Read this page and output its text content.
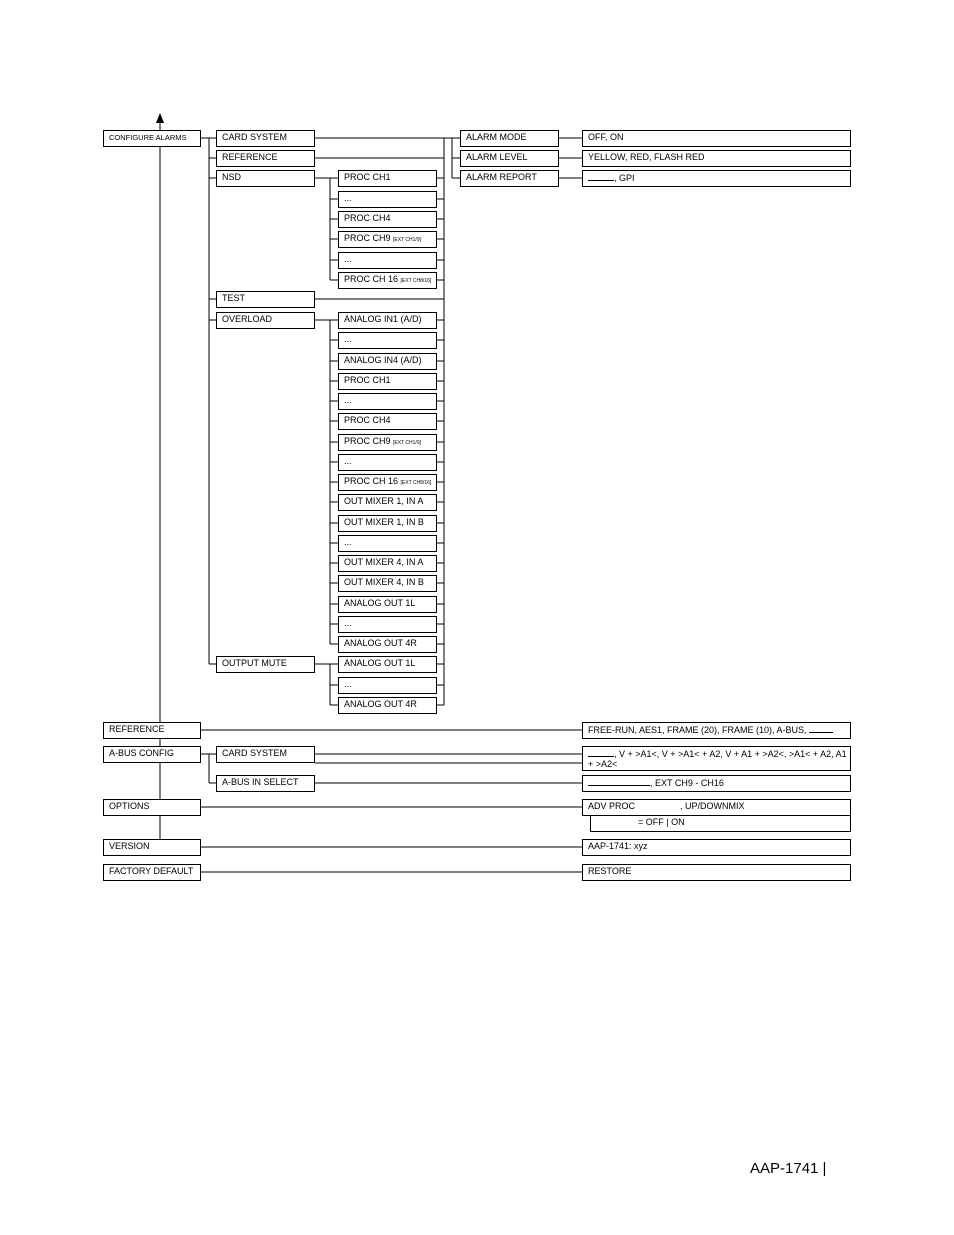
CONFIGURE ALARMS	CARD SYSTEM
REFERENCE
NSD
TEST
OVERLOAD
OUTPUT MUTE
PROC CH1
...
PROC CH4
PROC CH9 [EXT CH1/9]
...
PROC CH 16 [EXT CH8/16]
ANALOG IN1 (A/D)
...
ANALOG IN4 (A/D)
PROC CH1
...
PROC CH4
PROC CH9 [EXT CH1/9]
...
PROC CH 16 [EXT CH8/16]
OUT MIXER 1, IN A
OUT MIXER 1, IN B
...
OUT MIXER 4, IN A
OUT MIXER 4, IN B
ANALOG OUT 1L
...
ANALOG OUT 4R
ANALOG OUT 1L
...
ANALOG OUT 4R
ALARM MODE
ALARM LEVEL
ALARM REPORT
OFF, ON
YELLOW, RED, FLASH RED
, GPI
REFERENCE
A-BUS CONFIG
OPTIONS
VERSION
FACTORY DEFAULT
CARD SYSTEM
A-BUS IN SELECT
FREE-RUN, AES1, FRAME (20), FRAME (10), A-BUS,
, V + >A1<, V + >A1< + A2, V + A1 + >A2<, >A1< + A2, A1 + >A2<
, EXT CH9 - CH16
ADV PROC	, UP/DOWNMIX
= OFF | ON
AAP-1741: xyz
RESTORE
AAP-1741 |
